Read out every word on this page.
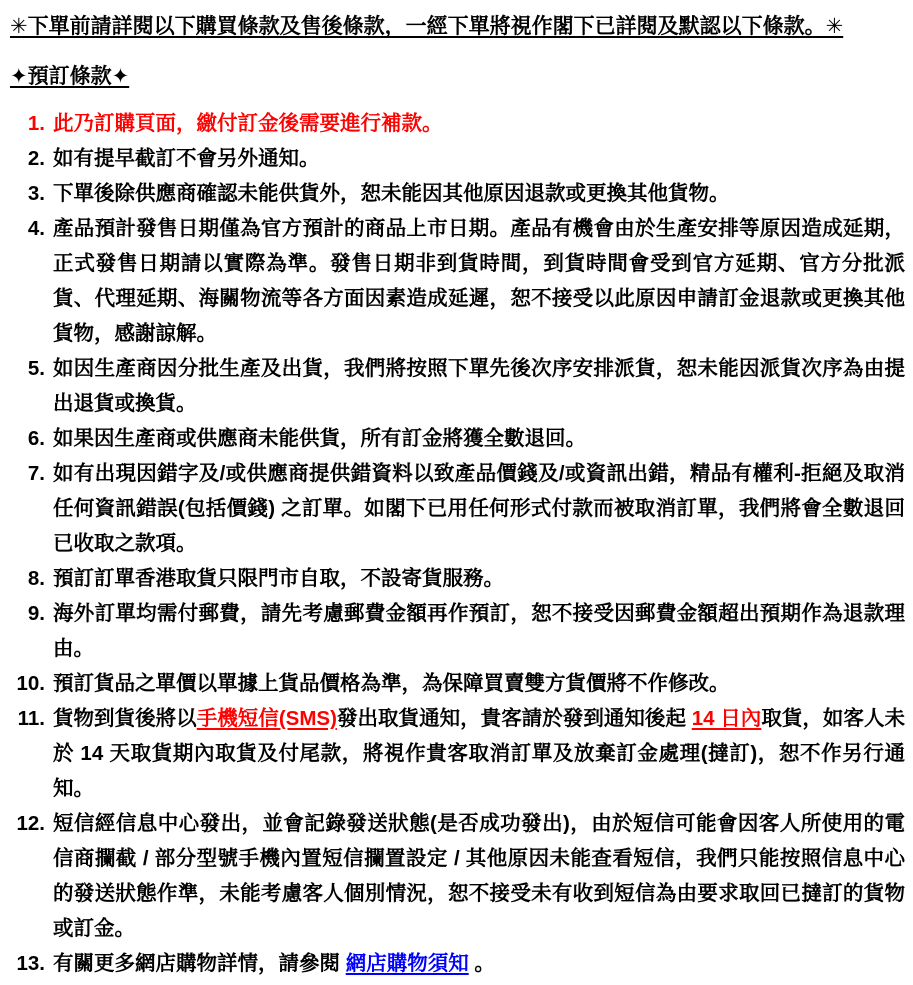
✳︎下單前請詳閱以下購買條款及售後條款，一經下單將視作閣下已詳閱及默認以下條款。✳︎
✦預訂條款✦
1. 此乃訂購頁面，繳付訂金後需要進行補款。
2. 如有提早截訂不會另外通知。
3. 下單後除供應商確認未能供貨外，恕未能因其他原因退款或更換其他貨物。
4. 產品預計發售日期僅為官方預計的商品上市日期。產品有機會由於生產安排等原因造成延期，正式發售日期請以實際為準。發售日期非到貨時間，到貨時間會受到官方延期、官方分批派貨、代理延期、海關物流等各方面因素造成延遲，恕不接受以此原因申請訂金退款或更換其他貨物，感謝諒解。
5. 如因生產商因分批生產及出貨，我們將按照下單先後次序安排派貨，恕未能因派貨次序為由提出退貨或換貨。
6. 如果因生產商或供應商未能供貨，所有訂金將獲全數退回。
7. 如有出現因錯字及/或供應商提供錯資料以致產品價錢及/或資訊出錯，精品有權利-拒絕及取消任何資訊錯誤(包括價錢) 之訂單。如閣下已用任何形式付款而被取消訂單，我們將會全數退回已收取之款項。
8. 預訂訂單香港取貨只限門市自取，不設寄貨服務。
9. 海外訂單均需付郵費，請先考慮郵費金額再作預訂，恕不接受因郵費金額超出預期作為退款理由。
10. 預訂貨品之單價以單據上貨品價格為準，為保障買賣雙方貨價將不作修改。
11. 貨物到貨後將以手機短信(SMS)發出取貨通知，貴客請於發到通知後起 14 日內取貨，如客人未於 14 天取貨期內取貨及付尾款，將視作貴客取消訂單及放棄訂金處理(撻訂)，恕不作另行通知。
12. 短信經信息中心發出，並會記錄發送狀態(是否成功發出)，由於短信可能會因客人所使用的電信商攔截 / 部分型號手機內置短信攔置設定 / 其他原因未能查看短信，我們只能按照信息中心的發送狀態作準，未能考慮客人個別情況，恕不接受未有收到短信為由要求取回已撻訂的貨物或訂金。
13. 有關更多網店購物詳情，請參閱 網店購物須知 。
